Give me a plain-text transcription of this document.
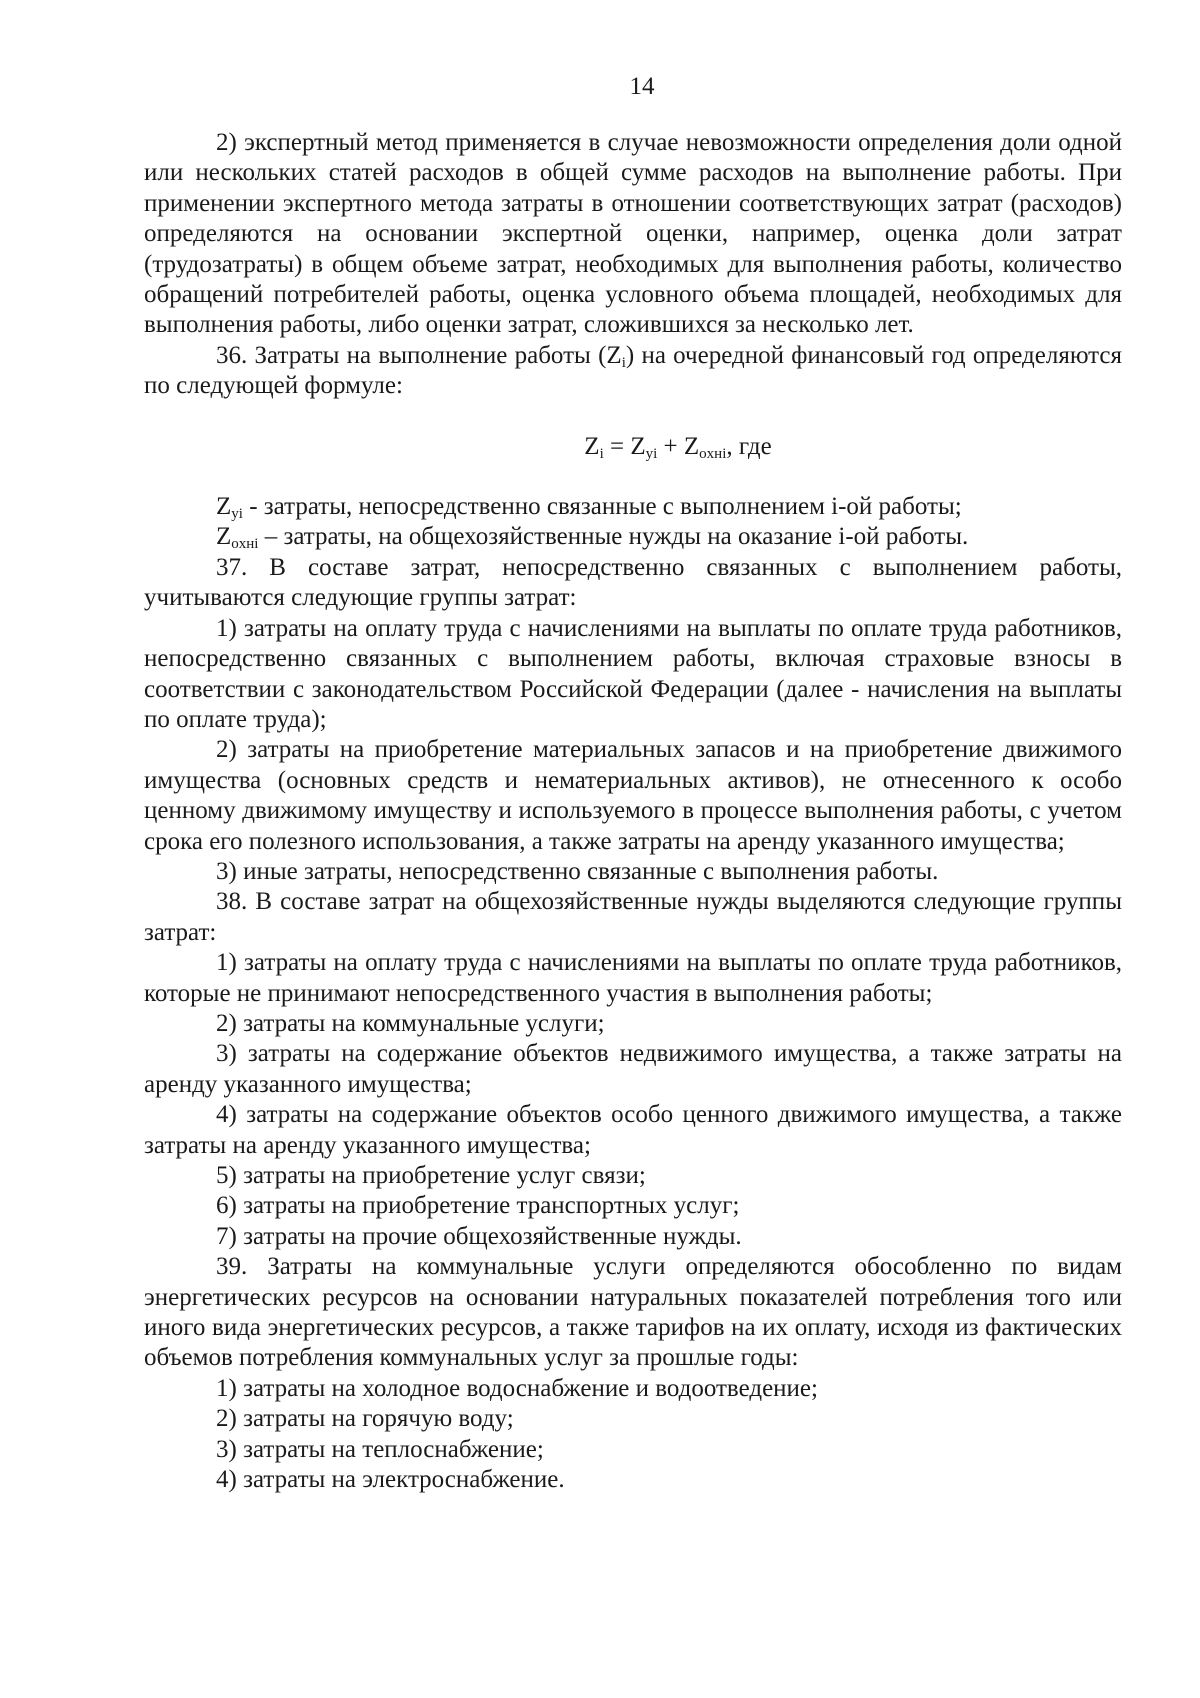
14

2) экспертный метод применяется в случае невозможности определения доли одной или нескольких статей расходов в общей сумме расходов на выполнение работы. При применении экспертного метода затраты в отношении соответствующих затрат (расходов) определяются на основании экспертной оценки, например, оценка доли затрат (трудозатраты) в общем объеме затрат, необходимых для выполнения работы, количество обращений потребителей работы, оценка условного объема площадей, необходимых для выполнения работы, либо оценки затрат, сложившихся за несколько лет.

36. Затраты на выполнение работы $(Z_i)$ на очередной финансовый год определяются по следующей формуле:

$Z_i = Z_{yi} + Z_{oxнi}$, где

$Z_{yi}$ - затраты, непосредственно связанные с выполнением i-ой работы;

$Z_{oxнi}$ – затраты, на общехозяйственные нужды на оказание i-ой работы.

37. В составе затрат, непосредственно связанных с выполнением работы, учитываются следующие группы затрат:

1) затраты на оплату труда с начислениями на выплаты по оплате труда работников, непосредственно связанных с выполнением работы, включая страховые взносы в соответствии с законодательством Российской Федерации (далее - начисления на выплаты по оплате труда);

2) затраты на приобретение материальных запасов и на приобретение движимого имущества (основных средств и нематериальных активов), не отнесенного к особо ценному движимому имуществу и используемого в процессе выполнения работы, с учетом срока его полезного использования, а также затраты на аренду указанного имущества;

3) иные затраты, непосредственно связанные с выполнения работы.

38. В составе затрат на общехозяйственные нужды выделяются следующие группы затрат:

1) затраты на оплату труда с начислениями на выплаты по оплате труда работников, которые не принимают непосредственного участия в выполнения работы;

2) затраты на коммунальные услуги;

3) затраты на содержание объектов недвижимого имущества, а также затраты на аренду указанного имущества;

4) затраты на содержание объектов особо ценного движимого имущества, а также затраты на аренду указанного имущества;

5) затраты на приобретение услуг связи;

6) затраты на приобретение транспортных услуг;

7) затраты на прочие общехозяйственные нужды.

39. Затраты на коммунальные услуги определяются обособленно по видам энергетических ресурсов на основании натуральных показателей потребления того или иного вида энергетических ресурсов, а также тарифов на их оплату, исходя из фактических объемов потребления коммунальных услуг за прошлые годы:

1) затраты на холодное водоснабжение и водоотведение;

2) затраты на горячую воду;

3) затраты на теплоснабжение;

4) затраты на электроснабжение.
